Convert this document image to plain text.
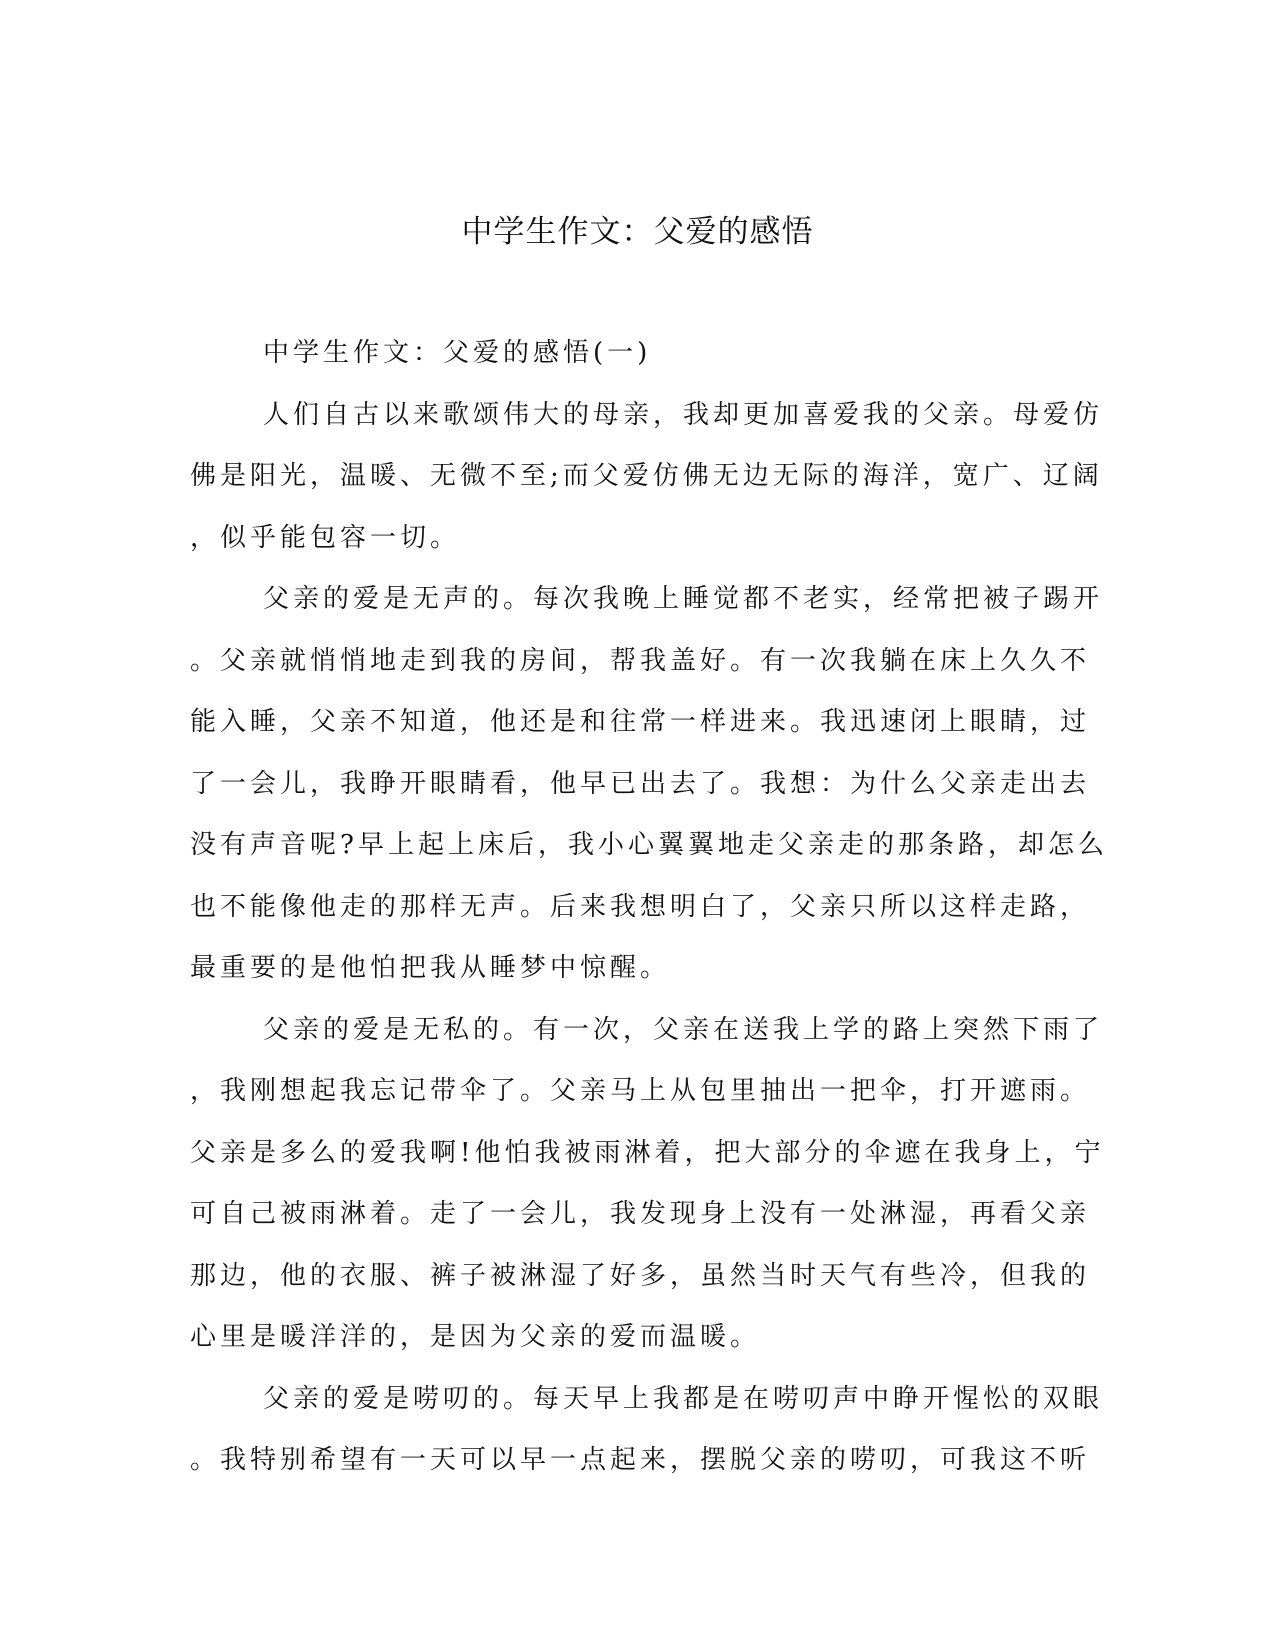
中学生作文：父爱的感悟
中学生作文：父爱的感悟(一)
人们自古以来歌颂伟大的母亲，我却更加喜爱我的父亲。母爱仿
佛是阳光，温暖、无微不至;而父爱仿佛无边无际的海洋，宽广、辽阔
，似乎能包容一切。
父亲的爱是无声的。每次我晚上睡觉都不老实，经常把被子踢开
。父亲就悄悄地走到我的房间，帮我盖好。有一次我躺在床上久久不
能入睡，父亲不知道，他还是和往常一样进来。我迅速闭上眼睛，过
了一会儿，我睁开眼睛看，他早已出去了。我想：为什么父亲走出去
没有声音呢?早上起上床后，我小心翼翼地走父亲走的那条路，却怎么
也不能像他走的那样无声。后来我想明白了，父亲只所以这样走路，
最重要的是他怕把我从睡梦中惊醒。
父亲的爱是无私的。有一次，父亲在送我上学的路上突然下雨了
，我刚想起我忘记带伞了。父亲马上从包里抽出一把伞，打开遮雨。
父亲是多么的爱我啊!他怕我被雨淋着，把大部分的伞遮在我身上，宁
可自己被雨淋着。走了一会儿，我发现身上没有一处淋湿，再看父亲
那边，他的衣服、裤子被淋湿了好多，虽然当时天气有些冷，但我的
心里是暖洋洋的，是因为父亲的爱而温暖。
父亲的爱是唠叨的。每天早上我都是在唠叨声中睁开惺忪的双眼
。我特别希望有一天可以早一点起来，摆脱父亲的唠叨，可我这不听
